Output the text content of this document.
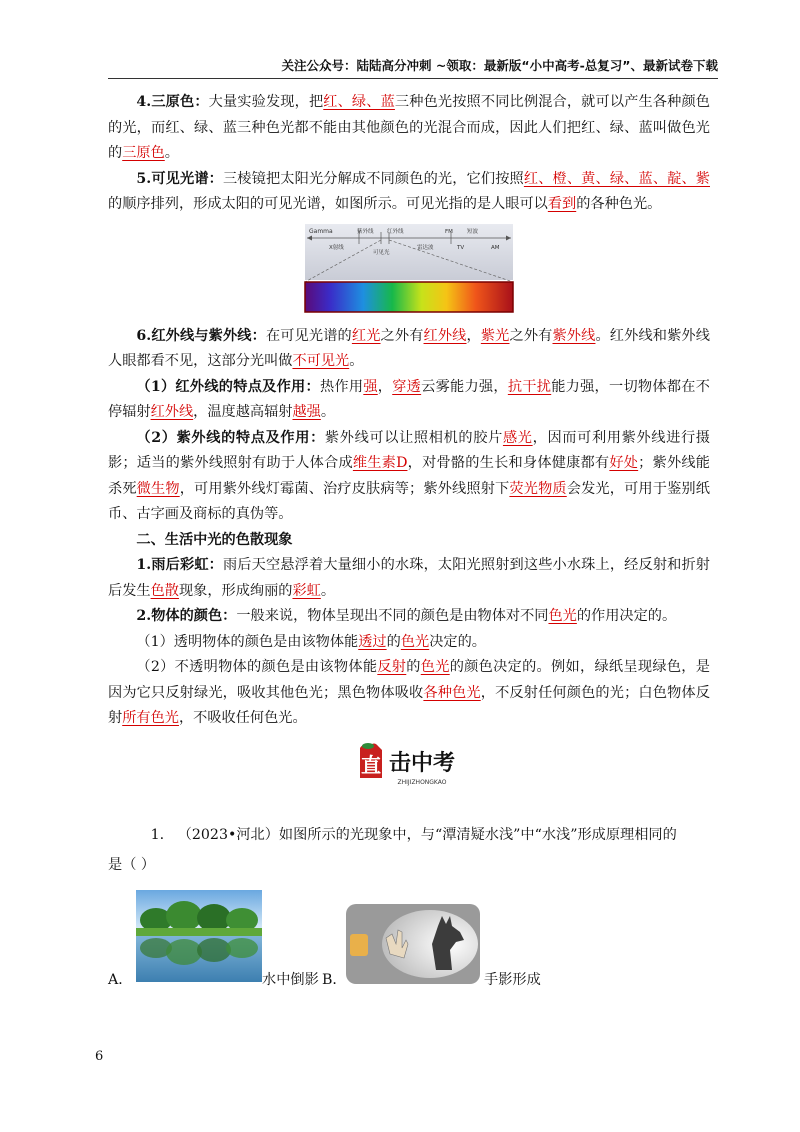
关注公众号：陆陆高分冲刺 ~领取：最新版“小中高考-总复习”、最新试卷下载

4.三原色：大量实验发现，把红、绿、蓝三种色光按照不同比例混合，就可以产生各种颜色的光，而红、绿、蓝三种色光都不能由其他颜色的光混合而成，因此人们把红、绿、蓝叫做色光的三原色。

5.可见光谱：三棱镜把太阳光分解成不同颜色的光，它们按照红、橙、黄、绿、蓝、靛、紫的顺序排列，形成太阳的可见光谱，如图所示。可见光指的是人眼可以看到的各种色光。

Gamma	紫外线 红外线	FM	短波
X射线
可见光
雷达波	TV	AM

6.红外线与紫外线：在可见光谱的红光之外有红外线，紫光之外有紫外线。红外线和紫外线人眼都看不见，这部分光叫做不可见光。

（1）红外线的特点及作用：热作用强，穿透云雾能力强，抗干扰能力强，一切物体都在不停辐射红外线，温度越高辐射越强。

（2）紫外线的特点及作用：紫外线可以让照相机的胶片感光，因而可利用紫外线进行摄影；适当的紫外线照射有助于人体合成维生素D，对骨骼的生长和身体健康都有好处；紫外线能杀死微生物，可用紫外线灯霉菌、治疗皮肤病等；紫外线照射下荧光物质会发光，可用于鉴别纸币、古字画及商标的真伪等。

二、生活中光的色散现象

1.雨后彩虹：雨后天空悬浮着大量细小的水珠，太阳光照射到这些小水珠上，经反射和折射后发生色散现象，形成绚丽的彩虹。

2.物体的颜色：一般来说，物体呈现出不同的颜色是由物体对不同色光的作用决定的。

（1）透明物体的颜色是由该物体能透过的色光决定的。

（2）不透明物体的颜色是由该物体能反射的色光的颜色决定的。例如，绿纸呈现绿色，是因为它只反射绿光，吸收其他色光；黑色物体吸收各种色光，不反射任何颜色的光；白色物体反射所有色光，不吸收任何色光。

直 击中考
ZHIJIZHONGKAO

1. （2023•河北）如图所示的光现象中，与“潭清疑水浅”中“水浅”形成原理相同的

是（ ）

A．	水中倒影 B．	手影形成
6
